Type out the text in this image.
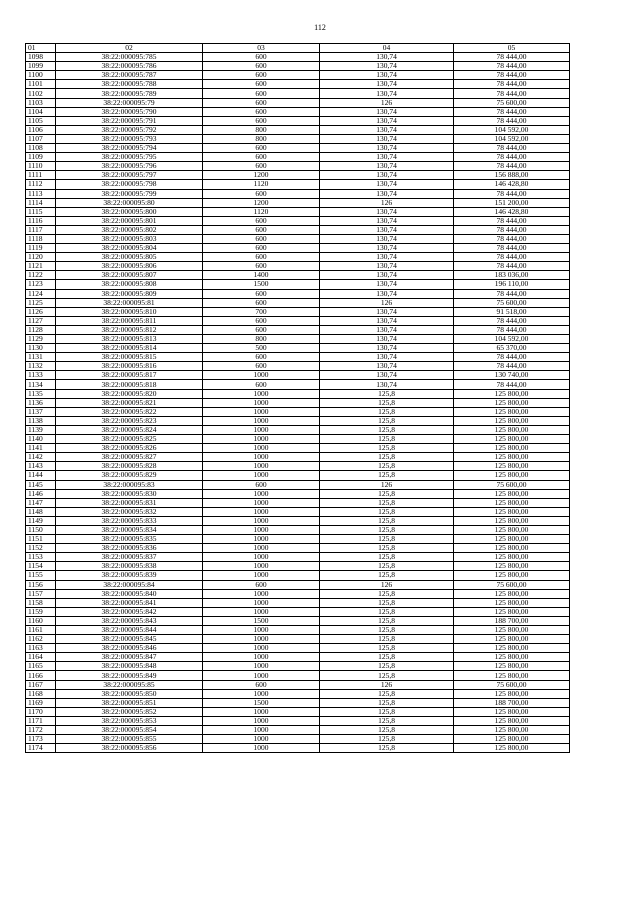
112
01	02	03	04	05
1098	38:22:000095:785	600	130,74	78 444,00
1099	38:22:000095:786	600	130,74	78 444,00
1100	38:22:000095:787	600	130,74	78 444,00
1101	38:22:000095:788	600	130,74	78 444,00
1102	38:22:000095:789	600	130,74	78 444,00
1103	38:22:000095:79	600	126	75 600,00
1104	38:22:000095:790	600	130,74	78 444,00
1105	38:22:000095:791	600	130,74	78 444,00
1106	38:22:000095:792	800	130,74	104 592,00
1107	38:22:000095:793	800	130,74	104 592,00
1108	38:22:000095:794	600	130,74	78 444,00
1109	38:22:000095:795	600	130,74	78 444,00
1110	38:22:000095:796	600	130,74	78 444,00
1111	38:22:000095:797	1200	130,74	156 888,00
1112	38:22:000095:798	1120	130,74	146 428,80
1113	38:22:000095:799	600	130,74	78 444,00
1114	38:22:000095:80	1200	126	151 200,00
1115	38:22:000095:800	1120	130,74	146 428,80
1116	38:22:000095:801	600	130,74	78 444,00
1117	38:22:000095:802	600	130,74	78 444,00
1118	38:22:000095:803	600	130,74	78 444,00
1119	38:22:000095:804	600	130,74	78 444,00
1120	38:22:000095:805	600	130,74	78 444,00
1121	38:22:000095:806	600	130,74	78 444,00
1122	38:22:000095:807	1400	130,74	183 036,00
1123	38:22:000095:808	1500	130,74	196 110,00
1124	38:22:000095:809	600	130,74	78 444,00
1125	38:22:000095:81	600	126	75 600,00
1126	38:22:000095:810	700	130,74	91 518,00
1127	38:22:000095:811	600	130,74	78 444,00
1128	38:22:000095:812	600	130,74	78 444,00
1129	38:22:000095:813	800	130,74	104 592,00
1130	38:22:000095:814	500	130,74	65 370,00
1131	38:22:000095:815	600	130,74	78 444,00
1132	38:22:000095:816	600	130,74	78 444,00
1133	38:22:000095:817	1000	130,74	130 740,00
1134	38:22:000095:818	600	130,74	78 444,00
1135	38:22:000095:820	1000	125,8	125 800,00
1136	38:22:000095:821	1000	125,8	125 800,00
1137	38:22:000095:822	1000	125,8	125 800,00
1138	38:22:000095:823	1000	125,8	125 800,00
1139	38:22:000095:824	1000	125,8	125 800,00
1140	38:22:000095:825	1000	125,8	125 800,00
1141	38:22:000095:826	1000	125,8	125 800,00
1142	38:22:000095:827	1000	125,8	125 800,00
1143	38:22:000095:828	1000	125,8	125 800,00
1144	38:22:000095:829	1000	125,8	125 800,00
1145	38:22:000095:83	600	126	75 600,00
1146	38:22:000095:830	1000	125,8	125 800,00
1147	38:22:000095:831	1000	125,8	125 800,00
1148	38:22:000095:832	1000	125,8	125 800,00
1149	38:22:000095:833	1000	125,8	125 800,00
1150	38:22:000095:834	1000	125,8	125 800,00
1151	38:22:000095:835	1000	125,8	125 800,00
1152	38:22:000095:836	1000	125,8	125 800,00
1153	38:22:000095:837	1000	125,8	125 800,00
1154	38:22:000095:838	1000	125,8	125 800,00
1155	38:22:000095:839	1000	125,8	125 800,00
1156	38:22:000095:84	600	126	75 600,00
1157	38:22:000095:840	1000	125,8	125 800,00
1158	38:22:000095:841	1000	125,8	125 800,00
1159	38:22:000095:842	1000	125,8	125 800,00
1160	38:22:000095:843	1500	125,8	188 700,00
1161	38:22:000095:844	1000	125,8	125 800,00
1162	38:22:000095:845	1000	125,8	125 800,00
1163	38:22:000095:846	1000	125,8	125 800,00
1164	38:22:000095:847	1000	125,8	125 800,00
1165	38:22:000095:848	1000	125,8	125 800,00
1166	38:22:000095:849	1000	125,8	125 800,00
1167	38:22:000095:85	600	126	75 600,00
1168	38:22:000095:850	1000	125,8	125 800,00
1169	38:22:000095:851	1500	125,8	188 700,00
1170	38:22:000095:852	1000	125,8	125 800,00
1171	38:22:000095:853	1000	125,8	125 800,00
1172	38:22:000095:854	1000	125,8	125 800,00
1173	38:22:000095:855	1000	125,8	125 800,00
1174	38:22:000095:856	1000	125,8	125 800,00
